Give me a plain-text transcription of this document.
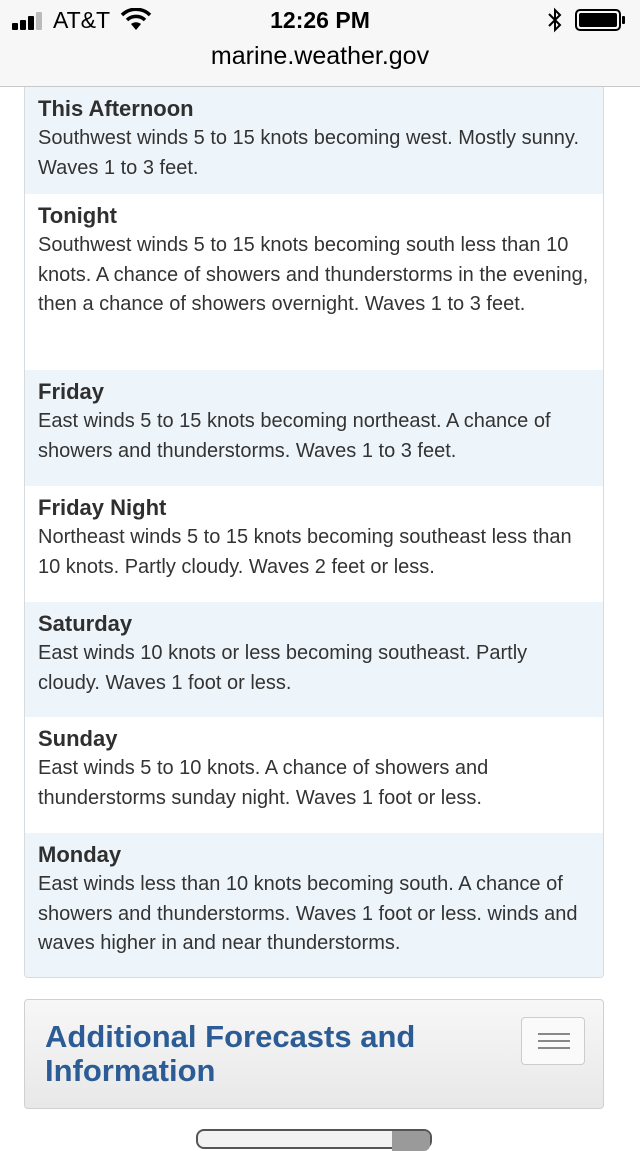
AT&T	12:26 PM
marine.weather.gov
This Afternoon
Southwest winds 5 to 15 knots becoming west. Mostly sunny. Waves 1 to 3 feet.
Tonight
Southwest winds 5 to 15 knots becoming south less than 10 knots. A chance of showers and thunderstorms in the evening, then a chance of showers overnight. Waves 1 to 3 feet.
Friday
East winds 5 to 15 knots becoming northeast. A chance of showers and thunderstorms. Waves 1 to 3 feet.
Friday Night
Northeast winds 5 to 15 knots becoming southeast less than 10 knots. Partly cloudy. Waves 2 feet or less.
Saturday
East winds 10 knots or less becoming southeast. Partly cloudy. Waves 1 foot or less.
Sunday
East winds 5 to 10 knots. A chance of showers and thunderstorms sunday night. Waves 1 foot or less.
Monday
East winds less than 10 knots becoming south. A chance of showers and thunderstorms. Waves 1 foot or less. winds and waves higher in and near thunderstorms.
Additional Forecasts and Information
